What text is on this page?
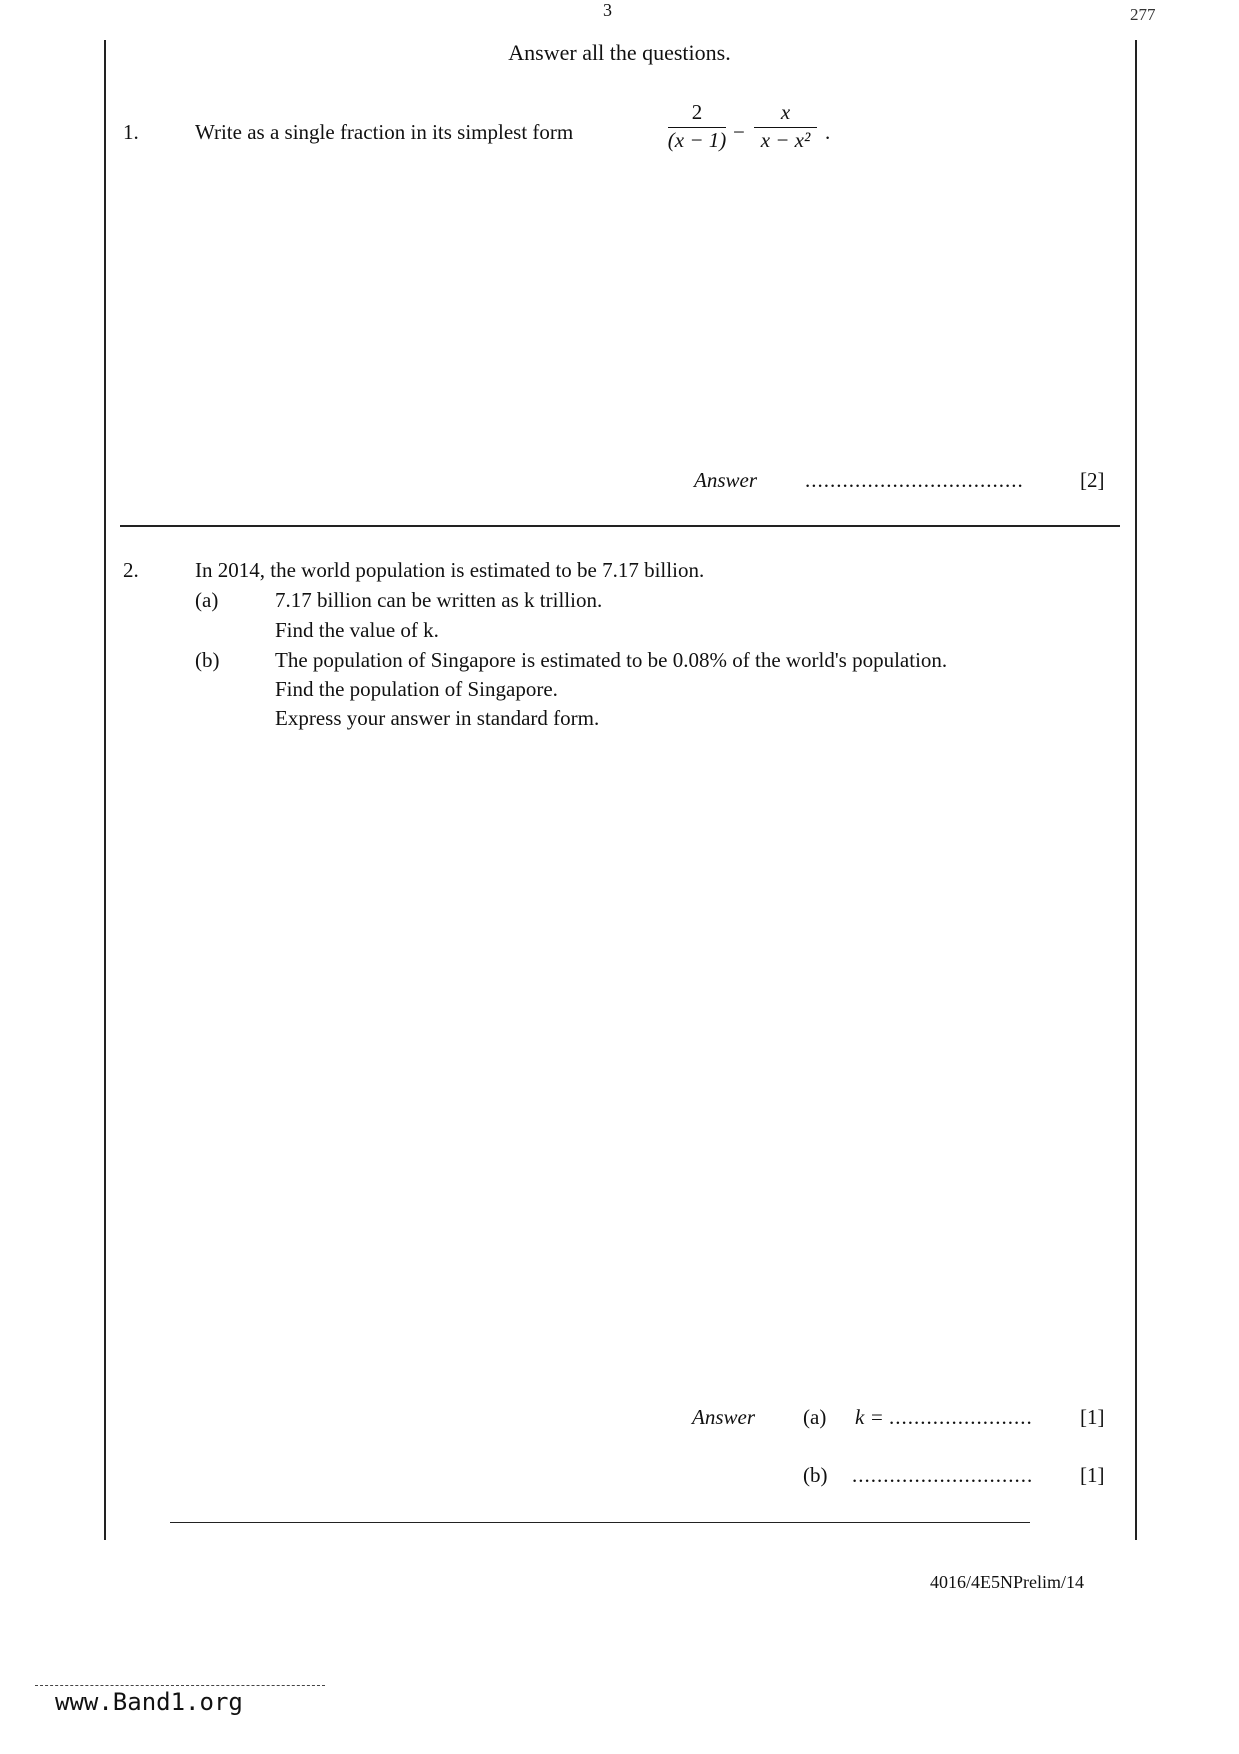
3	277
Answer all the questions.
1.	Write as a single fraction in its simplest form
2
(x − 1) −
x
x − x² .
Answer ...................................	[2]
2.	In 2014, the world population is estimated to be 7.17 billion.
(a)	7.17 billion can be written as k trillion.
Find the value of k.
(b)	The population of Singapore is estimated to be 0.08% of the world's population.
Find the population of Singapore.
Express your answer in standard form.
Answer (a) k = ....................... [1]
(b) ............................. [1]
4016/4E5NPrelim/14
www.Band1.org
